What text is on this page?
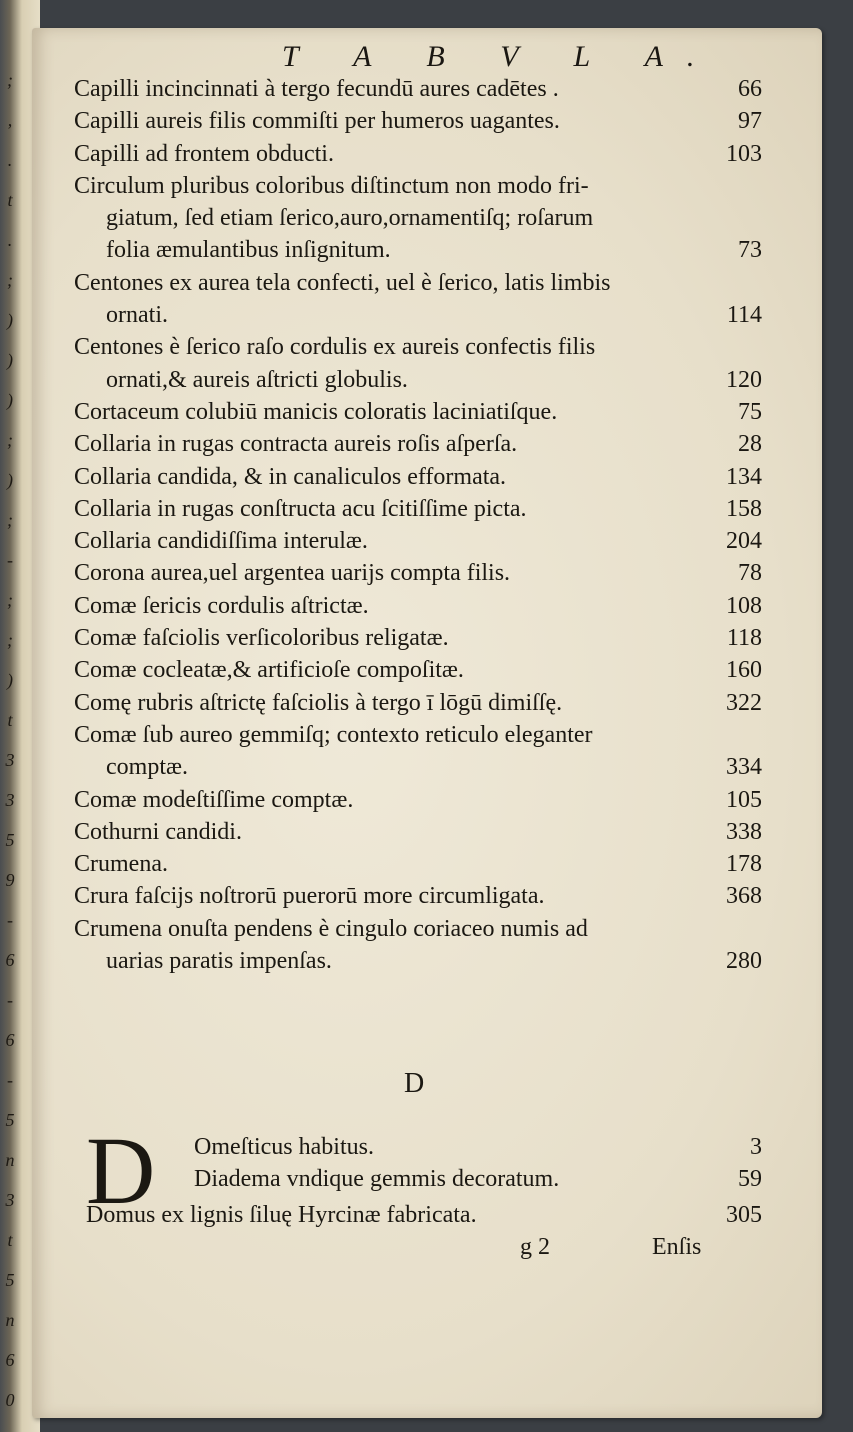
;
,
.
t
.
;
)
)
)
;
)
;
-
;
;
)
t
3
3
5
9
-
6
-
6
-
5
n
3
t
5
n
6
0
T A B V L A.
Capilli incincinnati à tergo fecundū aures cadētes .	66
Capilli aureis filis commiſti per humeros uagantes.	97
Capilli ad frontem obducti.	103
Circulum pluribus coloribus diſtinctum non modo fri-
giatum, ſed etiam ſerico,auro,ornamentiſq; roſarum
folia æmulantibus inſignitum.	73
Centones ex aurea tela confecti, uel è ſerico, latis limbis
ornati.	114
Centones è ſerico raſo cordulis ex aureis confectis filis
ornati,& aureis aſtricti globulis.	120
Cortaceum colubiū manicis coloratis laciniatiſque.	75
Collaria in rugas contracta aureis roſis aſperſa.	28
Collaria candida, & in canaliculos efformata.	134
Collaria in rugas conſtructa acu ſcitiſſime picta.	158
Collaria candidiſſima interulæ.	204
Corona aurea,uel argentea uarijs compta filis.	78
Comæ ſericis cordulis aſtrictæ.	108
Comæ faſciolis verſicoloribus religatæ.	118
Comæ cocleatæ,& artificioſe compoſitæ.	160
Comę rubris aſtrictę faſciolis à tergo ī lōgū dimiſſę.	322
Comæ ſub aureo gemmiſq; contexto reticulo eleganter
comptæ.	334
Comæ modeſtiſſime comptæ.	105
Cothurni candidi.	338
Crumena.	178
Crura faſcijs noſtrorū puerorū more circumligata.	368
Crumena onuſta pendens è cingulo coriaceo numis ad
uarias paratis impenſas.	280
D
D Omeſticus habitus.	3
Diadema vndique gemmis decoratum.	59
Domus ex lignis ſiluę Hyrcinæ fabricata.	305
g 2	Enſis
